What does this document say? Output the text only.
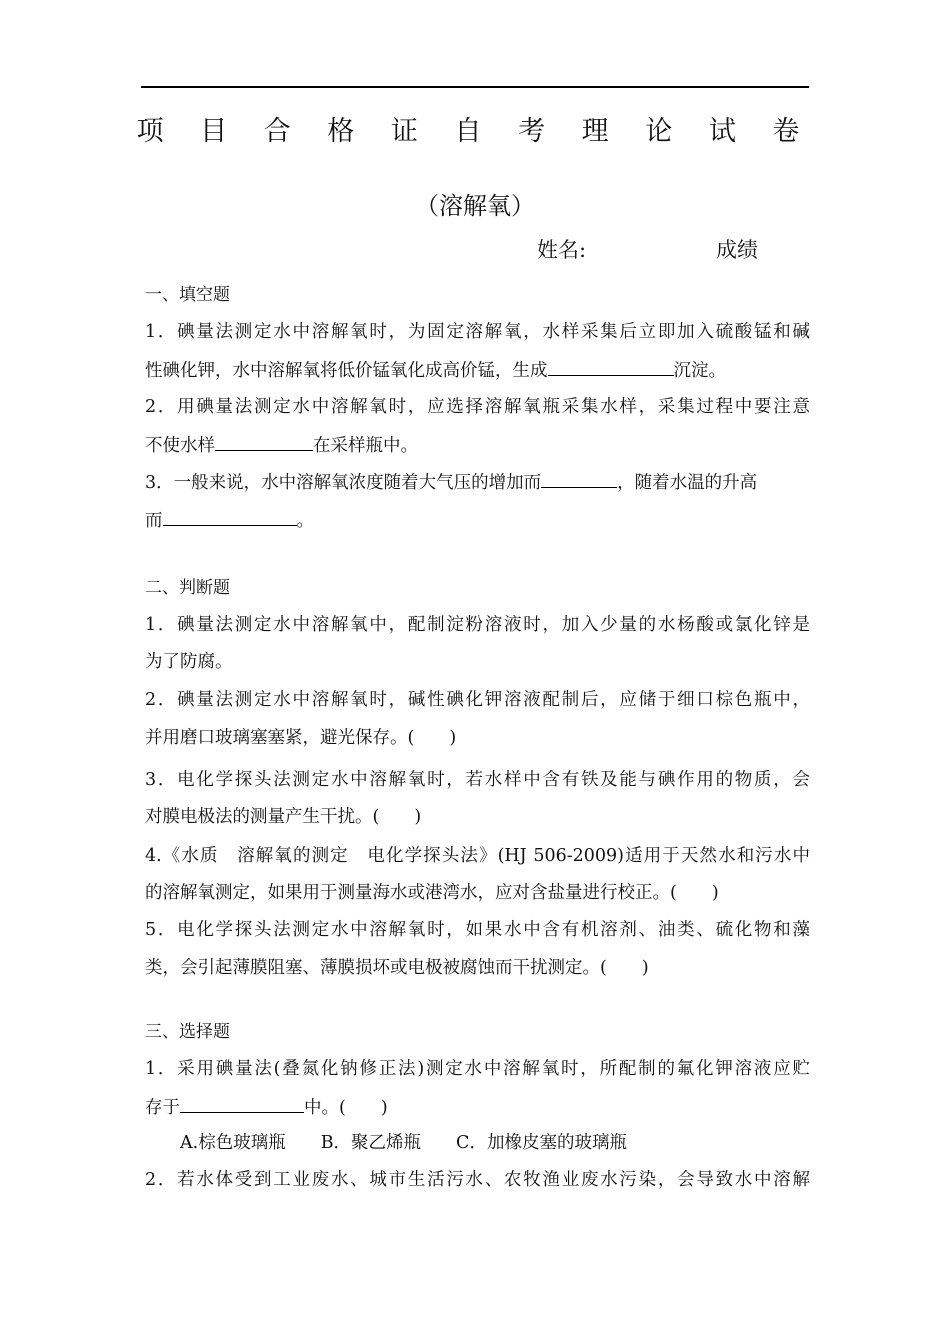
项 目 合 格 证 自 考 理 论 试 卷
（溶解氧）
姓名:	成绩
一、填空题
1．碘量法测定水中溶解氧时，为固定溶解氧，水样采集后立即加入硫酸锰和碱
性碘化钾，水中溶解氧将低价锰氧化成高价锰，生成	沉淀。
2．用碘量法测定水中溶解氧时，应选择溶解氧瓶采集水样，采集过程中要注意
不使水样	在采样瓶中。
3．一般来说，水中溶解氧浓度随着大气压的增加而	，随着水温的升高
而	。
二、判断题
1．碘量法测定水中溶解氧中，配制淀粉溶液时，加入少量的水杨酸或氯化锌是
为了防腐。
2．碘量法测定水中溶解氧时，碱性碘化钾溶液配制后，应储于细口棕色瓶中，
并用磨口玻璃塞塞紧，避光保存。(　　)
3．电化学探头法测定水中溶解氧时，若水样中含有铁及能与碘作用的物质，会
对膜电极法的测量产生干扰。(　　)
4.《水质　溶解氧的测定　电化学探头法》(HJ 506-2009)适用于天然水和污水中
的溶解氧测定，如果用于测量海水或港湾水，应对含盐量进行校正。(　　)
5．电化学探头法测定水中溶解氧时，如果水中含有机溶剂、油类、硫化物和藻
类，会引起薄膜阻塞、薄膜损坏或电极被腐蚀而干扰测定。(　　)
三、选择题
1．采用碘量法(叠氮化钠修正法)测定水中溶解氧时，所配制的氟化钾溶液应贮
存于	中。(　　)
A.棕色玻璃瓶　　B．聚乙烯瓶　　C．加橡皮塞的玻璃瓶
2．若水体受到工业废水、城市生活污水、农牧渔业废水污染，会导致水中溶解
